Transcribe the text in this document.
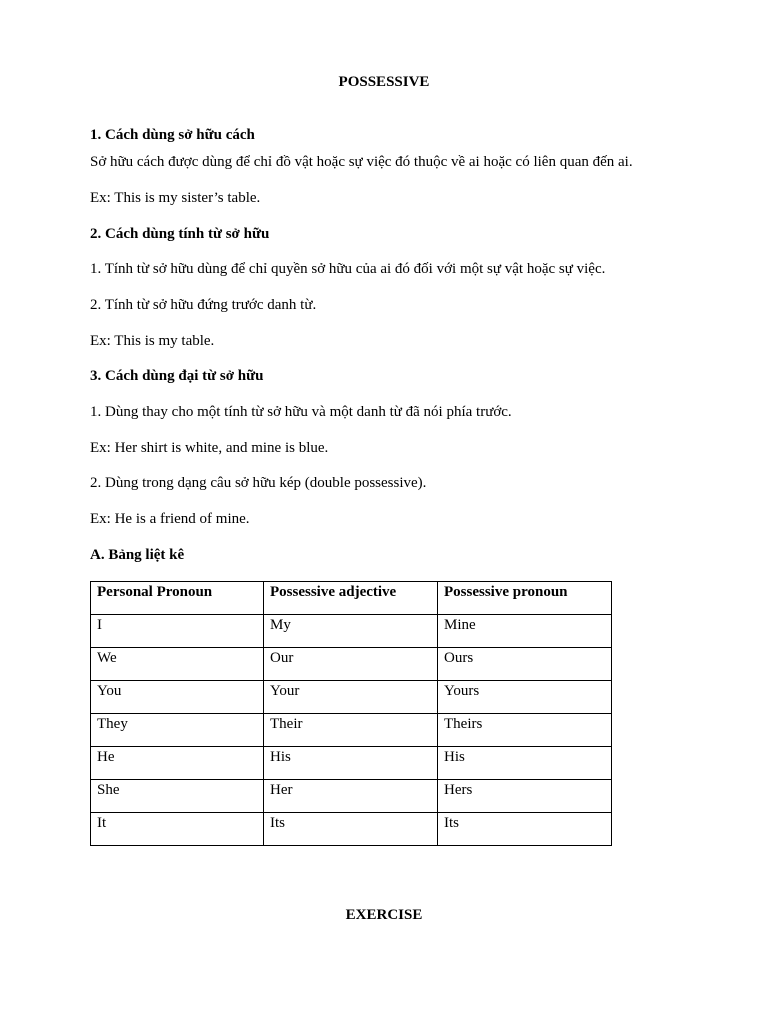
POSSESSIVE
1. Cách dùng sở hữu cách
Sở hữu cách được dùng để chỉ đồ vật hoặc sự việc đó thuộc về ai hoặc có liên quan đến ai.
Ex: This is my sister’s table.
2. Cách dùng tính từ sở hữu
1. Tính từ sở hữu dùng để chỉ quyền sở hữu của ai đó đối với một sự vật hoặc sự việc.
2. Tính từ sở hữu đứng trước danh từ.
Ex: This is my table.
3. Cách dùng đại từ sở hữu
1. Dùng thay cho một tính từ sở hữu và một danh từ đã nói phía trước.
Ex: Her shirt is white, and mine is blue.
2. Dùng trong dạng câu sở hữu kép (double possessive).
Ex: He is a friend of mine.
A. Bảng liệt kê
Personal Pronoun	Possessive adjective	Possessive pronoun
I	My	Mine
We	Our	Ours
You	Your	Yours
They	Their	Theirs
He	His	His
She	Her	Hers
It	Its	Its
EXERCISE
